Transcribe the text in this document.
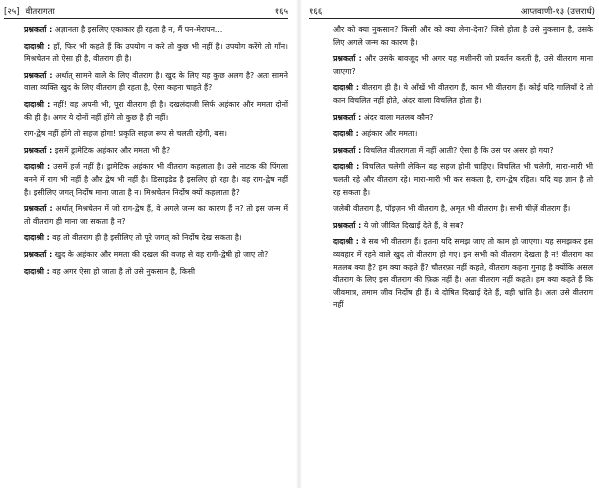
[२५] वीतरागता	१६५
प्रश्नकर्ता : अज्ञानता है इसलिए एकाकार ही रहता है न, मैं पन-मेरापन...
दादाश्री : हाँ, फिर भी कहते हैं कि उपयोग न करे तो कुछ भी नहीं है। उपयोग करेंगे तो गाँन। मिश्रचेतन तो ऐसा ही है, वीतराग ही है।
प्रश्नकर्ता : अर्थात् सामने वाले के लिए वीतराग है। खुद के लिए यह कुछ अलग है? अतः सामने वाला व्यक्ति खुद के लिए वीतराग ही रहता है, ऐसा कहना चाहते हैं?
दादाश्री : नहीं! वह अपनी भी, पूरा वीतराग ही है। दखलंदाजी सिर्फ अहंकार और ममता दोनों की ही है। अगर ये दोनों नहीं होंगे तो कुछ है ही नहीं।
राग-द्वेष नहीं होंगे तो सहज होगा! प्रकृति सहज रूप से चलती रहेगी, बस।
प्रश्नकर्ता : इसमें ड्रामेटिक अहंकार और ममता भी है?
दादाश्री : उसमें हर्ज नहीं है। ड्रामेटिक अहंकार भी वीतराग कहलाता है। उसे नाटक की पिंगला बनने में राग भी नहीं है और द्वेष भी नहीं है। डिसाइडेड है इसलिए हो रहा है। वह राग-द्वेष नहीं है। इसीलिए जगत् निर्दोष माना जाता है न। मिश्रचेतन निर्दोष क्यों कहलाता है?
प्रश्नकर्ता : अर्थात् मिश्रचेतन में जो राग-द्वेष हैं, वे अगले जन्म का कारण हैं न? तो इस जन्म में तो वीतराग ही माना जा सकता है न?
दादाश्री : वह तो वीतराग ही है इसीलिए तो पूरे जगत् को निर्दोष देख सकता है।
प्रश्नकर्ता : खुद के अहंकार और ममता की दखल की वजह से वह रागी-द्वेषी हो जाए तो?
दादाश्री : वह अगर ऐसा हो जाता है तो उसे नुकसान है, किसी
१६६	आप्तवाणी-१३ (उत्तरार्ध)
और को क्या नुकसान? किसी और को क्या लेना-देना? जिसे होता है उसे नुकसान है, उसके लिए अगले जन्म का कारण है।
प्रश्नकर्ता : और उसके बावजूद भी अगर यह मशीनरी जो प्रवर्तन करती है, उसे वीतराग माना जाएगा?
दादाश्री : वीतराग ही है। ये आँखें भी वीतराग हैं, कान भी वीतराग हैं। कोई यदि गालियाँ दे तो कान विचलित नहीं होते, अंदर वाला विचलित होता है।
प्रश्नकर्ता : अंदर वाला मतलब कौन?
दादाश्री : अहंकार और ममता।
प्रश्नकर्ता : विचलित वीतरागता में नहीं आती? ऐसा है कि उस पर असर हो गया?
दादाश्री : विचलित चलेगी लेकिन वह सहज होनी चाहिए। विचलित भी चलेगी, मारा-मारी भी चलती रहे और वीतराग रहे। मारा-मारी भी कर सकता है, राग-द्वेष रहित। यदि यह ज्ञान है तो रह सकता है।
जलेबी वीतराग है, पॉइज़न भी वीतराग है, अमृत भी वीतराग है। सभी चीज़ें वीतराग हैं।
प्रश्नकर्ता : ये जो जीवित दिखाई देते हैं, वे सब?
दादाश्री : वे सब भी वीतराग हैं। इतना यदि समझ जाए तो काम हो जाएगा। यह समझकर इस व्यवहार में रहने वाले खुद तो वीतराग हो गए। इन सभी को वीतराग देखता है न! वीतराग का मतलब क्या है? हम क्या कहते हैं? चौतरफ़ा नहीं कहते, वीतराग कहना गुनाह है क्योंकि असल वीतराग के लिए इस वीतराग की फ़िक्र नहीं है। अतः वीतराग नहीं कहते। हम क्या कहते हैं कि जीवमात्र, तमाम जीव निर्दोष ही हैं। वे दोषित दिखाई देते हैं, वही भ्रांति है। अतः उसे वीतराग नहीं
